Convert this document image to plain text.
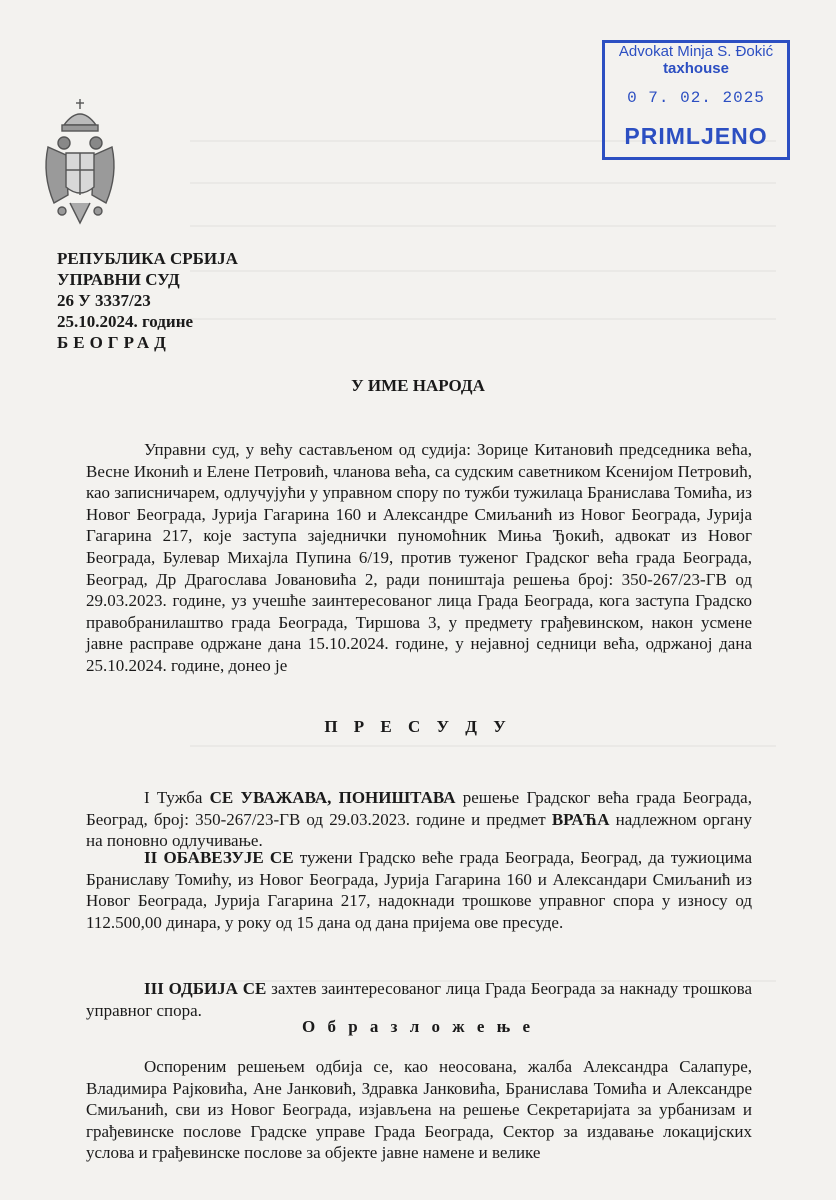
РЕПУБЛИКА СРБИЈА
УПРАВНИ СУД
26 У 3337/23
25.10.2024. године
БЕОГРАД
Advokat Minja S. Đokić
taxhouse
0 7. 02. 2025
PRIMLJENO
У ИМЕ НАРОДА
Управни суд, у већу састављеном од судија: Зорице Китановић председника већа, Весне Иконић и Елене Петровић, чланова већа, са судским саветником Ксенијом Петровић, као записничарем, одлучујући у управном спору по тужби тужилаца Бранислава Томића, из Новог Београда, Јурија Гагарина 160 и Александре Смиљанић из Новог Београда, Јурија Гагарина 217, које заступа заједнички пуномоћник Миња Ђокић, адвокат из Новог Београда, Булевар Михајла Пупина 6/19, против туженог Градског већа града Београда, Београд, Др Драгослава Јовановића 2, ради поништаја решења број: 350-267/23-ГВ од 29.03.2023. године, уз учешће заинтересованог лица Града Београда, кога заступа Градско правобранилаштво града Београда, Тиршова 3, у предмету грађевинском, након усмене јавне расправе одржане дана 15.10.2024. године, у нејавној седници већа, одржаној дана 25.10.2024. године, донео је
П Р Е С У Д У
I Тужба СЕ УВАЖАВА, ПОНИШТАВА решење Градског већа града Београда, Београд, број: 350-267/23-ГВ од 29.03.2023. године и предмет ВРАЋА надлежном органу на поновно одлучивање.
II ОБАВЕЗУЈЕ СЕ тужени Градско веће града Београда, Београд, да тужиоцима Браниславу Томићу, из Новог Београда, Јурија Гагарина 160 и Александари Смиљанић из Новог Београда, Јурија Гагарина 217, надокнади трошкове управног спора у износу од 112.500,00 динара, у року од 15 дана од дана пријема ове пресуде.
III ОДБИЈА СЕ захтев заинтересованог лица Града Београда за накнаду трошкова управног спора.
О б р а з л о ж е њ е
Оспореним решењем одбија се, као неосована, жалба Александра Салапуре, Владимира Рајковића, Ане Јанковић, Здравка Јанковића, Бранислава Томића и Александре Смиљанић, сви из Новог Београда, изјављена на решење Секретаријата за урбанизам и грађевинске послове Градске управе Града Београда, Сектор за издавање локацијских услова и грађевинске послове за објекте јавне намене и велике
